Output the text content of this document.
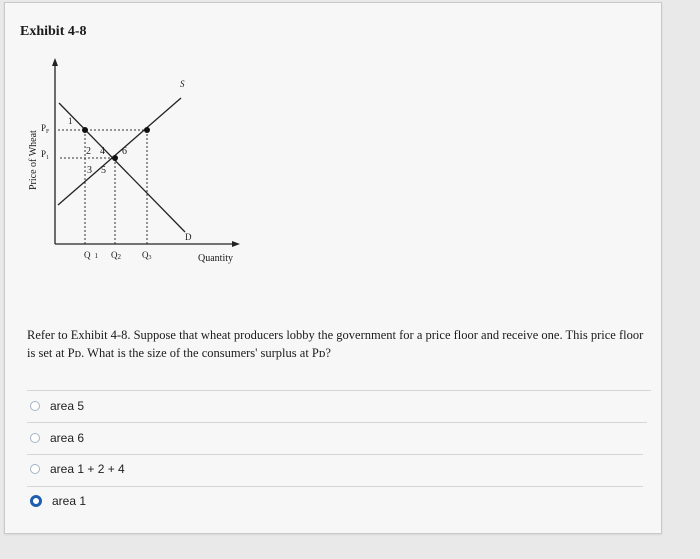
Exhibit 4-8
S
D
$P_F$
$P_1$
1
2
3
4
5
6
Q 1 Q2 Q3	Quantity
Price of Wheat
Refer to Exhibit 4-8. Suppose that wheat producers lobby the government for a price floor and receive one. This price floor is set at Pᴅ. What is the size of the consumers' surplus at Pᴅ?
area 5
area 6
area 1 + 2 + 4
area 1
